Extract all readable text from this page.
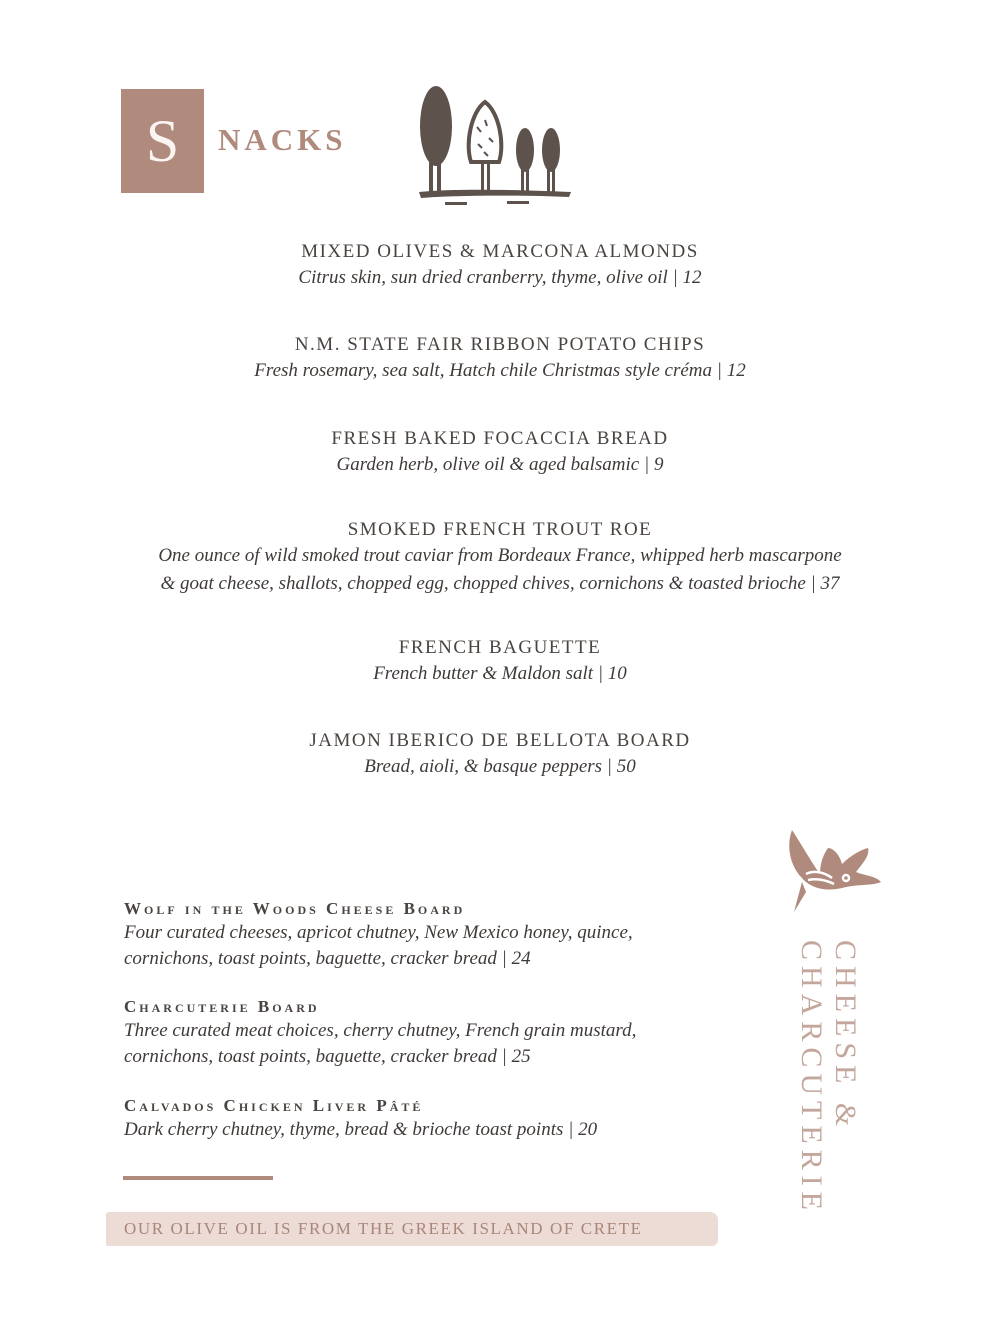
S NACKS
MIXED OLIVES & MARCONA ALMONDS
Citrus skin, sun dried cranberry, thyme, olive oil | 12
N.M. STATE FAIR RIBBON POTATO CHIPS
Fresh rosemary, sea salt, Hatch chile Christmas style créma | 12
FRESH BAKED FOCACCIA BREAD
Garden herb, olive oil & aged balsamic | 9
SMOKED FRENCH TROUT ROE
One ounce of wild smoked trout caviar from Bordeaux France, whipped herb mascarpone
& goat cheese, shallots, chopped egg, chopped chives, cornichons & toasted brioche | 37
FRENCH BAGUETTE
French butter & Maldon salt | 10
JAMON IBERICO DE BELLOTA BOARD
Bread, aioli, & basque peppers | 50
Wolf in the Woods Cheese Board
Four curated cheeses, apricot chutney, New Mexico honey, quince,
cornichons, toast points, baguette, cracker bread | 24
Charcuterie Board
Three curated meat choices, cherry chutney, French grain mustard,
cornichons, toast points, baguette, cracker bread | 25
Calvados Chicken Liver Pâté
Dark cherry chutney, thyme, bread & brioche toast points | 20
OUR OLIVE OIL IS FROM THE GREEK ISLAND OF CRETE
CHEESE &
CHARCUTERIE
